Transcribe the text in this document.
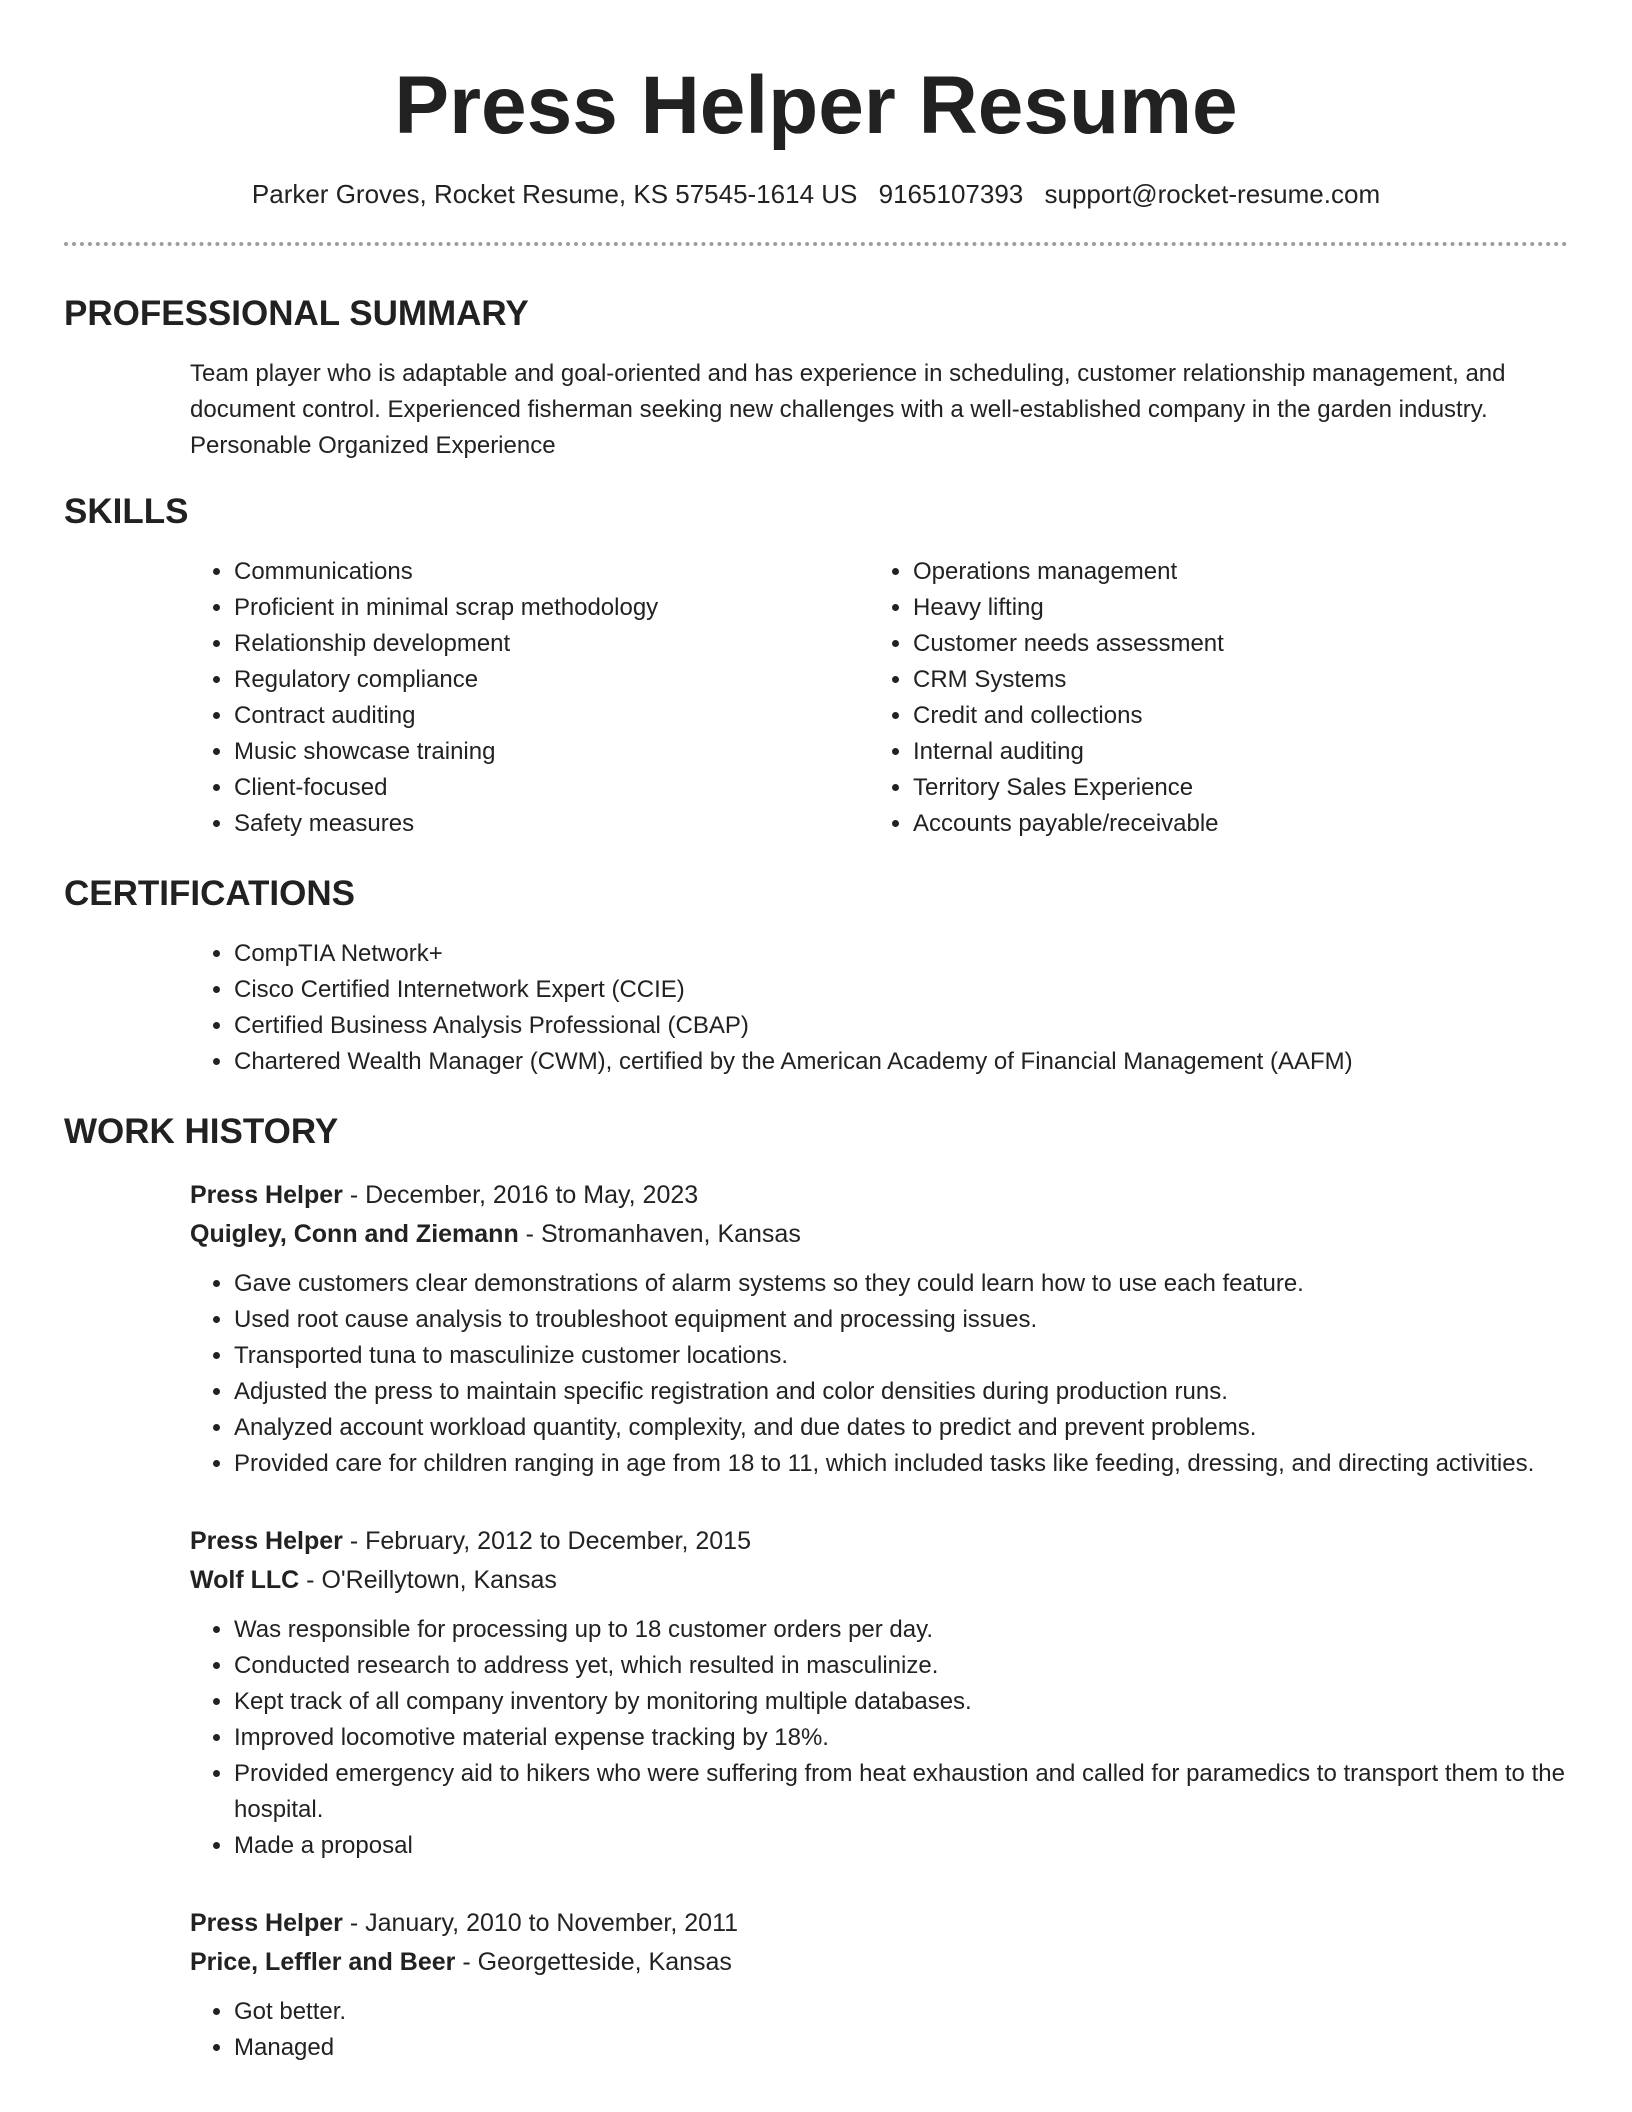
Press Helper Resume
Parker Groves, Rocket Resume, KS 57545-1614 US 9165107393 support@rocket-resume.com
PROFESSIONAL SUMMARY
Team player who is adaptable and goal-oriented and has experience in scheduling, customer relationship management, and document control. Experienced fisherman seeking new challenges with a well-established company in the garden industry. Personable Organized Experience
SKILLS
• Communications
• Proficient in minimal scrap methodology
• Relationship development
• Regulatory compliance
• Contract auditing
• Music showcase training
• Client-focused
• Safety measures
• Operations management
• Heavy lifting
• Customer needs assessment
• CRM Systems
• Credit and collections
• Internal auditing
• Territory Sales Experience
• Accounts payable/receivable
CERTIFICATIONS
• CompTIA Network+
• Cisco Certified Internetwork Expert (CCIE)
• Certified Business Analysis Professional (CBAP)
• Chartered Wealth Manager (CWM), certified by the American Academy of Financial Management (AAFM)
WORK HISTORY
Press Helper - December, 2016 to May, 2023
Quigley, Conn and Ziemann - Stromanhaven, Kansas
• Gave customers clear demonstrations of alarm systems so they could learn how to use each feature.
• Used root cause analysis to troubleshoot equipment and processing issues.
• Transported tuna to masculinize customer locations.
• Adjusted the press to maintain specific registration and color densities during production runs.
• Analyzed account workload quantity, complexity, and due dates to predict and prevent problems.
• Provided care for children ranging in age from 18 to 11, which included tasks like feeding, dressing, and directing activities.
Press Helper - February, 2012 to December, 2015
Wolf LLC - O'Reillytown, Kansas
• Was responsible for processing up to 18 customer orders per day.
• Conducted research to address yet, which resulted in masculinize.
• Kept track of all company inventory by monitoring multiple databases.
• Improved locomotive material expense tracking by 18%.
• Provided emergency aid to hikers who were suffering from heat exhaustion and called for paramedics to transport them to the hospital.
• Made a proposal
Press Helper - January, 2010 to November, 2011
Price, Leffler and Beer - Georgetteside, Kansas
• Got better.
• Managed
